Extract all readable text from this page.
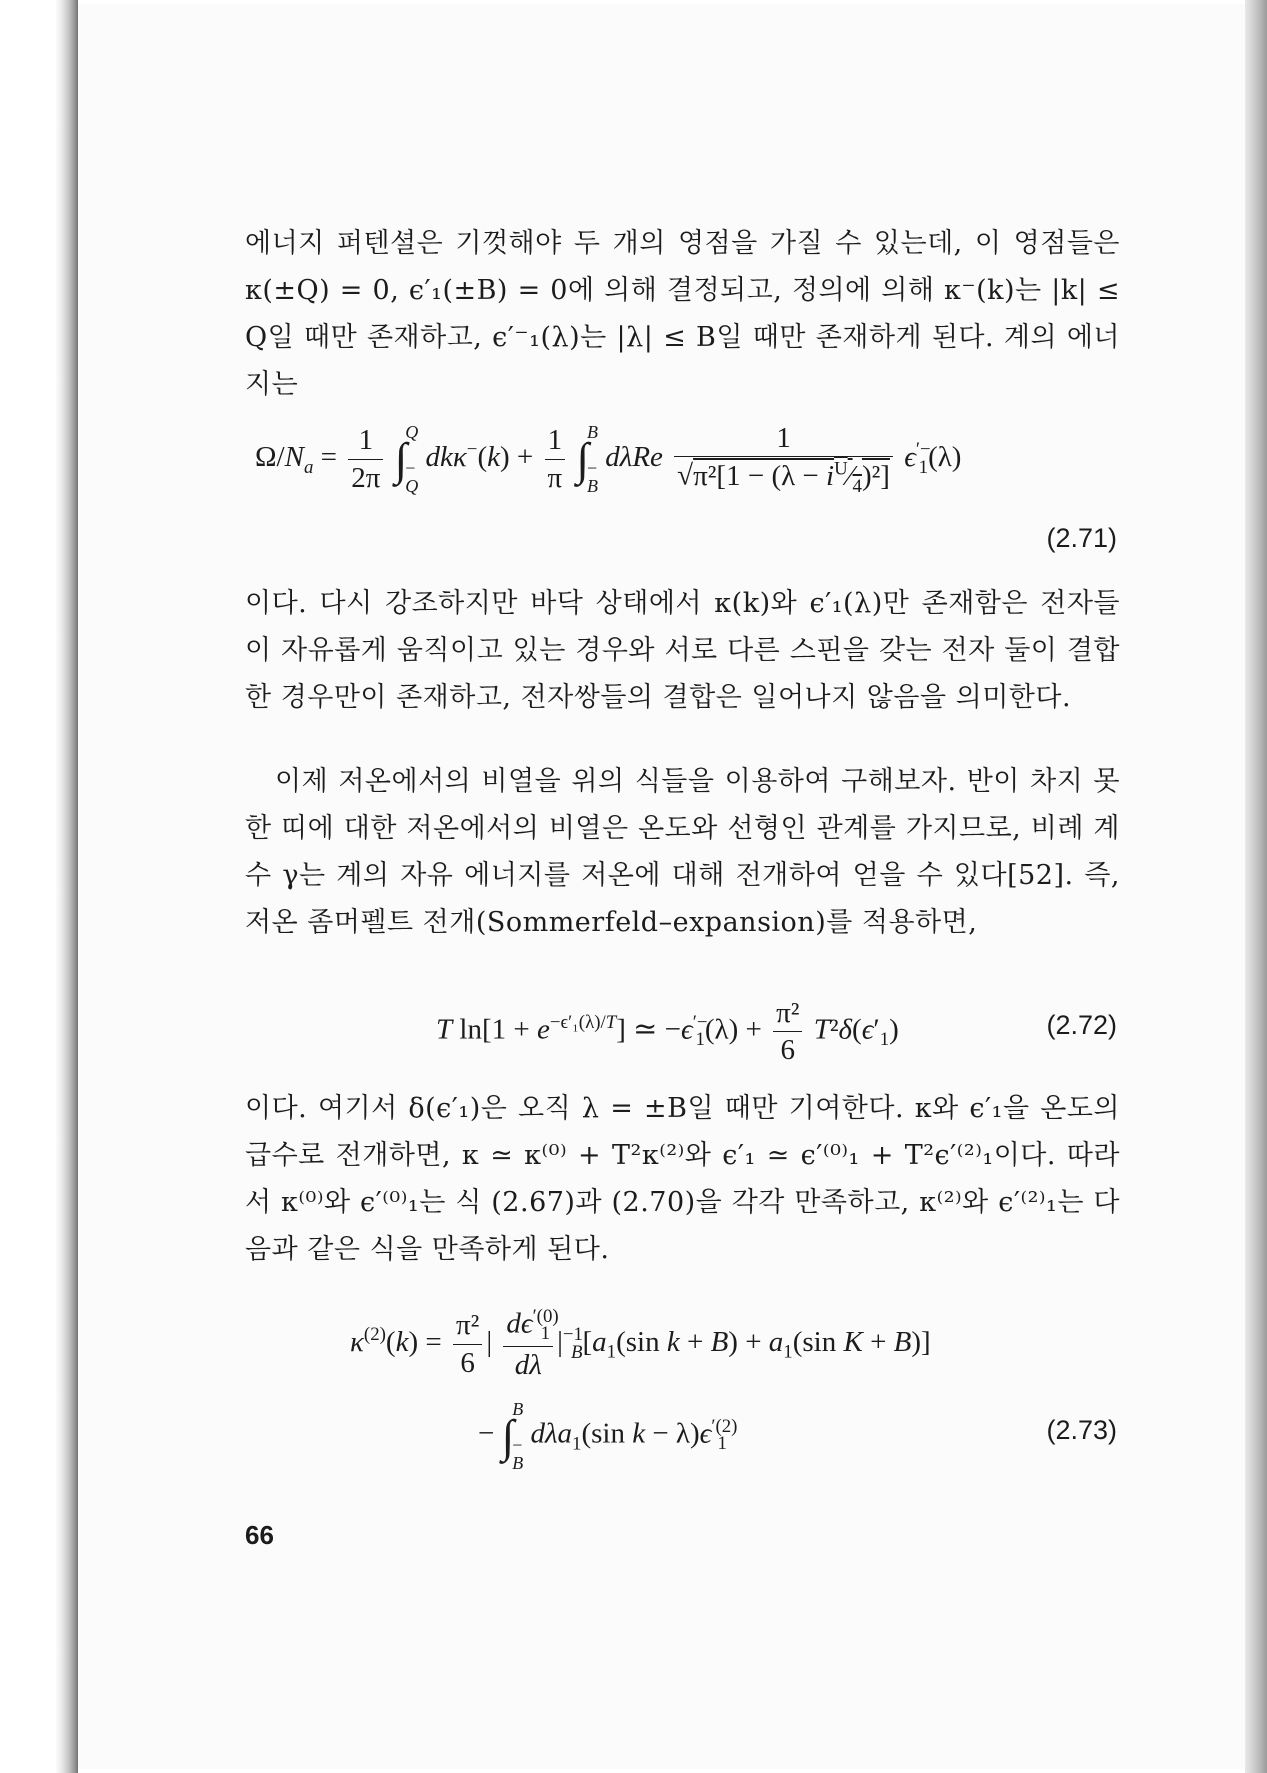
에너지 퍼텐셜은 기껏해야 두 개의 영점을 가질 수 있는데, 이 영점들은 κ(±Q) = 0, ϵ′₁(±B) = 0에 의해 결정되고, 정의에 의해 κ⁻(k)는 |k| ≤ Q일 때만 존재하고, ϵ′⁻₁(λ)는 |λ| ≤ B일 때만 존재하게 된다. 계의 에너지는

$\Omega/N_a = \frac{1}{2\pi}$ ∫
Q

−
Q
$dk\kappa^-(k) + \frac{1}{\pi}$ ∫
B

−
B
dλRe $\frac{1}{√\pi^2[1 - (\lambda - i^U⁄_4)^2]} \epsilon^{'-}_1(\lambda)$
(2.71)

이다. 다시 강조하지만 바닥 상태에서 κ(k)와 ϵ′₁(λ)만 존재함은 전자들이 자유롭게 움직이고 있는 경우와 서로 다른 스핀을 갖는 전자 둘이 결합한 경우만이 존재하고, 전자쌍들의 결합은 일어나지 않음을 의미한다.

이제 저온에서의 비열을 위의 식들을 이용하여 구해보자. 반이 차지 못한 띠에 대한 저온에서의 비열은 온도와 선형인 관계를 가지므로, 비례 계수 γ는 계의 자유 에너지를 저온에 대해 전개하여 얻을 수 있다[52]. 즉, 저온 좀머펠트 전개(Sommerfeld–expansion)를 적용하면,

T $\ln[1 + e^{-\epsilon'_1(\lambda)/T}]$ ≃ $-\epsilon^{'-}_1(\lambda) + \frac{\text{π²}}{6} T^2\delta(\epsilon'_1)$	(2.72)

이다. 여기서 δ(ϵ′₁)은 오직 λ = ±B일 때만 기여한다. κ와 ϵ′₁을 온도의 급수로 전개하면, κ ≃ κ⁽⁰⁾ + T²κ⁽²⁾와 ϵ′₁ ≃ ϵ′⁽⁰⁾₁ + T²ϵ′⁽²⁾₁이다. 따라서 κ⁽⁰⁾와 ϵ′⁽⁰⁾₁는 식 (2.67)과 (2.70)을 각각 만족하고, κ⁽²⁾와 ϵ′⁽²⁾₁는 다음과 같은 식을 만족하게 된다.

$\kappa^{(2)}(k) = \frac{\text{π²}}{6}$ | $\frac{d\epsilon^{'(0)}_1}{d\lambda} |^{-1}_B[a_1(\sin$ $k + B) + a_1(\sin$ K + B)]
− ∫
B

−
B
dλa$_1$(sin $k - \lambda)\epsilon^{'(2)}_1$	(2.73)
66
